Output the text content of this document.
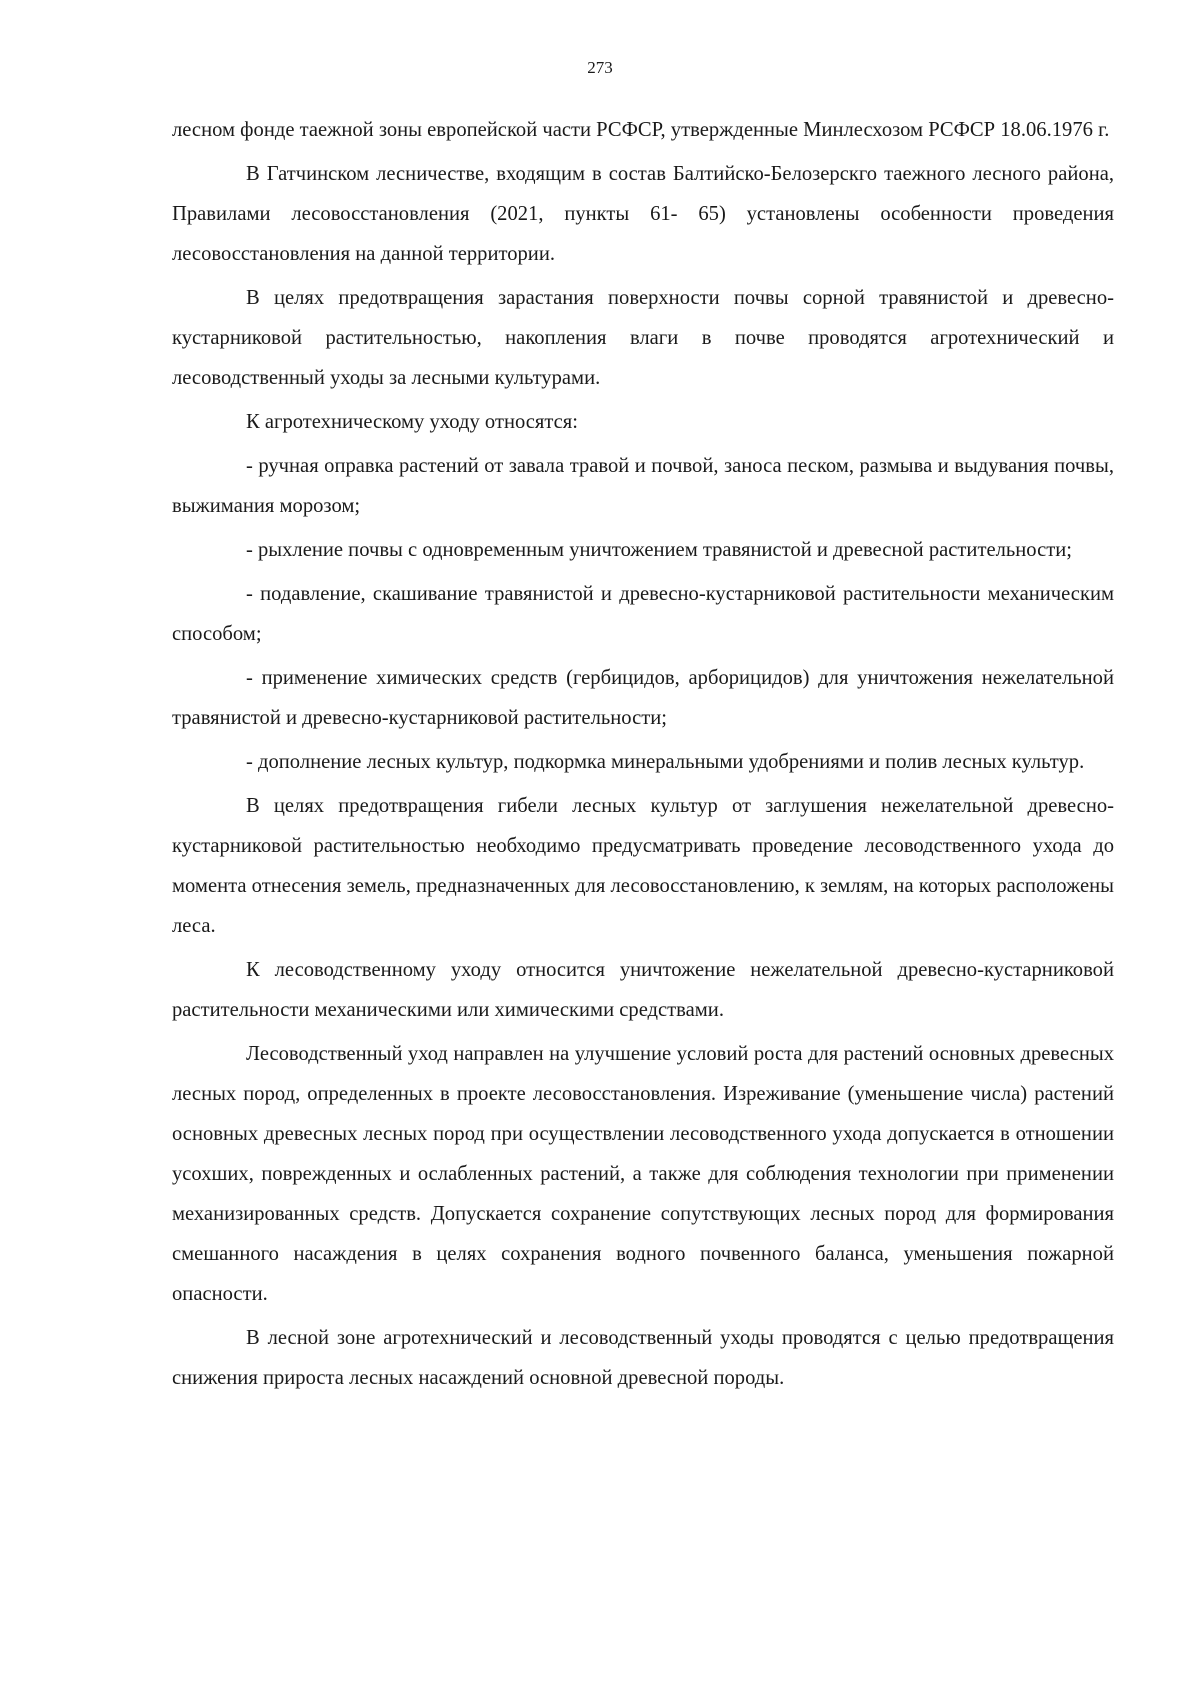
273

лесном фонде таежной зоны европейской части РСФСР, утвержденные Минлесхозом РСФСР 18.06.1976 г.

В Гатчинском лесничестве, входящим в состав Балтийско-Белозерскго таежного лесного района, Правилами лесовосстановления (2021, пункты 61- 65) установлены особенности проведения лесовосстановления на данной территории.

В целях предотвращения зарастания поверхности почвы сорной травянистой и древесно-кустарниковой растительностью, накопления влаги в почве проводятся агротехнический и лесоводственный уходы за лесными культурами.

К агротехническому уходу относятся:

- ручная оправка растений от завала травой и почвой, заноса песком, размыва и выдувания почвы, выжимания морозом;

- рыхление почвы с одновременным уничтожением травянистой и древесной растительности;

- подавление, скашивание травянистой и древесно-кустарниковой растительности механическим способом;

- применение химических средств (гербицидов, арборицидов) для уничтожения нежелательной травянистой и древесно-кустарниковой растительности;

- дополнение лесных культур, подкормка минеральными удобрениями и полив лесных культур.

В целях предотвращения гибели лесных культур от заглушения нежелательной древесно-кустарниковой растительностью необходимо предусматривать проведение лесоводственного ухода до момента отнесения земель, предназначенных для лесовосстановлению, к землям, на которых расположены леса.

К лесоводственному уходу относится уничтожение нежелательной древесно-кустарниковой растительности механическими или химическими средствами.

Лесоводственный уход направлен на улучшение условий роста для растений основных древесных лесных пород, определенных в проекте лесовосстановления. Изреживание (уменьшение числа) растений основных древесных лесных пород при осуществлении лесоводственного ухода допускается в отношении усохших, поврежденных и ослабленных растений, а также для соблюдения технологии при применении механизированных средств. Допускается сохранение сопутствующих лесных пород для формирования смешанного насаждения в целях сохранения водного почвенного баланса, уменьшения пожарной опасности.

В лесной зоне агротехнический и лесоводственный уходы проводятся с целью предотвращения снижения прироста лесных насаждений основной древесной породы.
